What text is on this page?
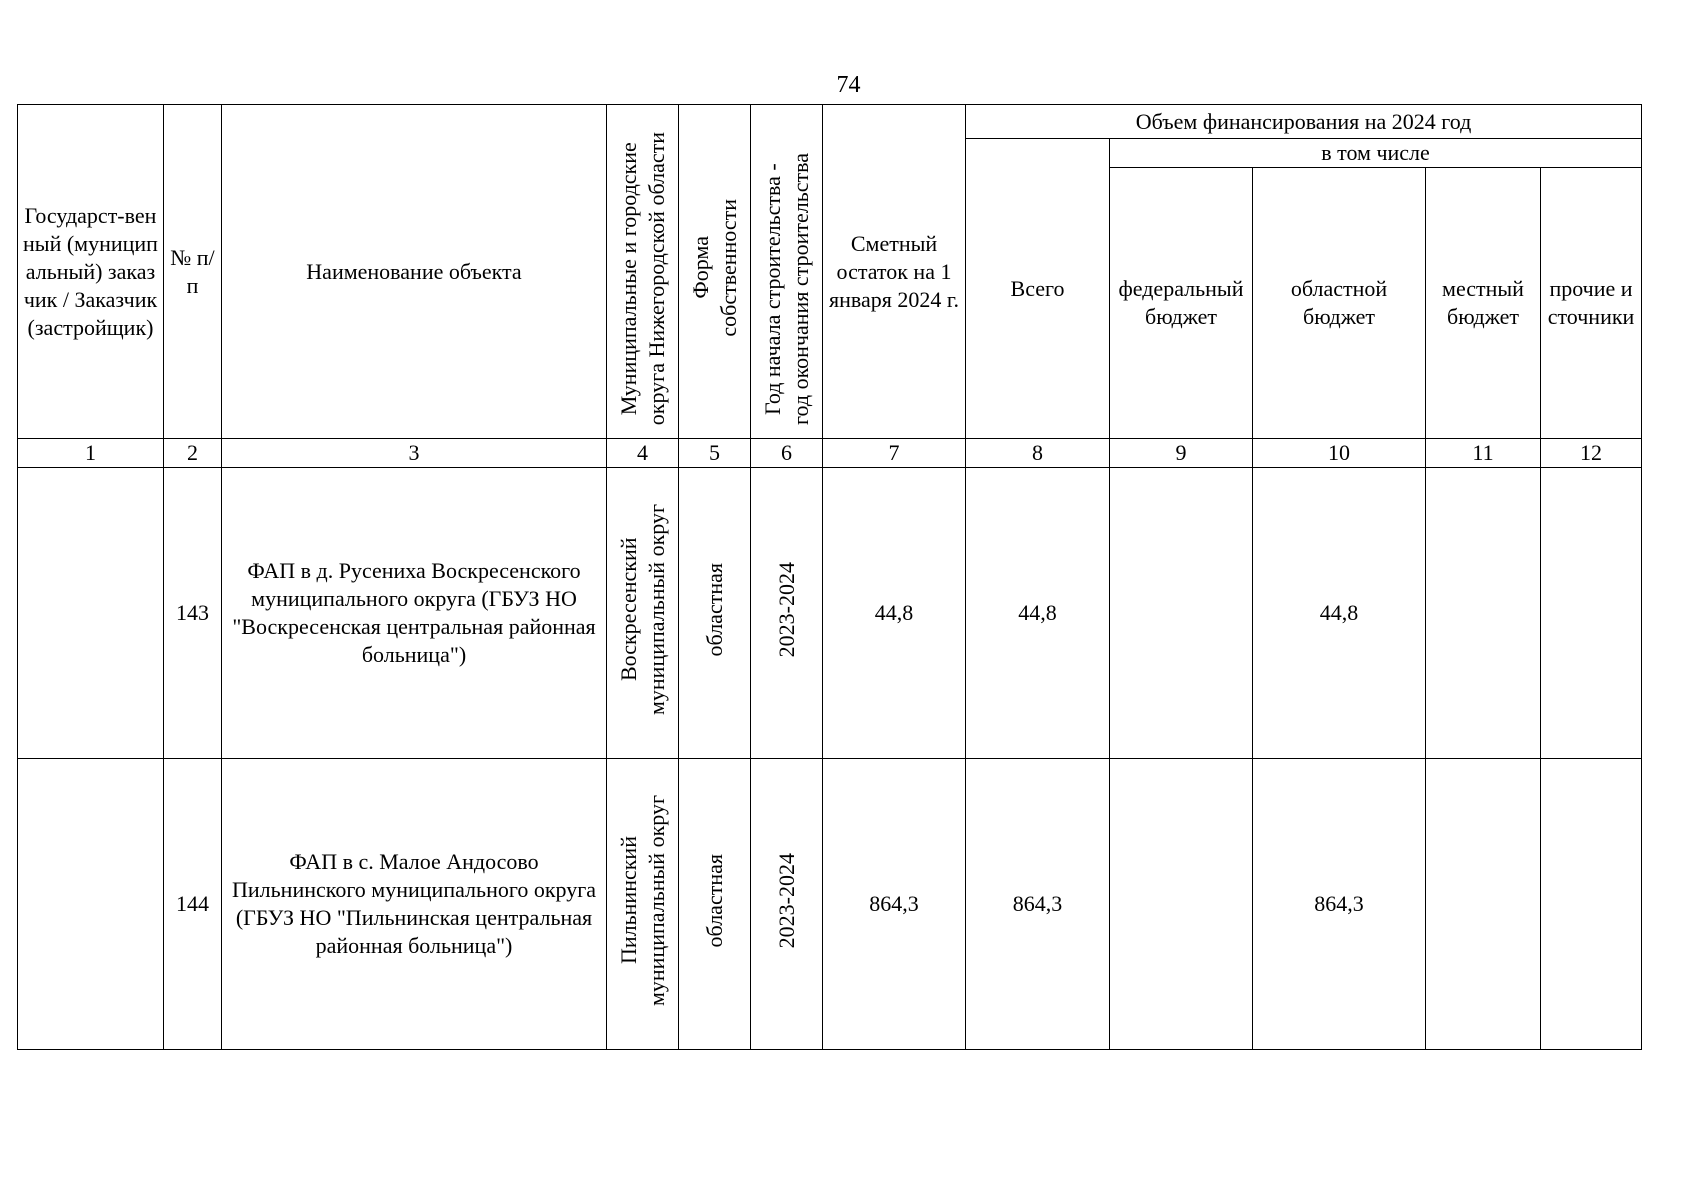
74
Государст-венный (муниципальный) заказчик / Заказчик (застройщик)	№ п/п	Наименование объекта	Муниципальные и городские округа Нижегородской области	Форма собственности	Год начала строительства - год окончания строительства	Сметный остаток на 1 января 2024 г.	Объем финансирования на 2024 год				
							Всего	в том числе			
								федеральный бюджет	областной бюджет	местный бюджет	прочие источники
1	2	3	4	5	6	7	8	9	10	11	12
	143	ФАП в д. Русениха Воскресенского муниципального округа (ГБУЗ НО "Воскресенская центральная районная больница")	Воскресенский муниципальный округ	областная	2023-2024	44,8	44,8		44,8		
	144	ФАП в с. Малое Андосово Пильнинского муниципального округа (ГБУЗ НО "Пильнинская центральная районная больница")	Пильнинский муниципальный округ	областная	2023-2024	864,3	864,3		864,3		
